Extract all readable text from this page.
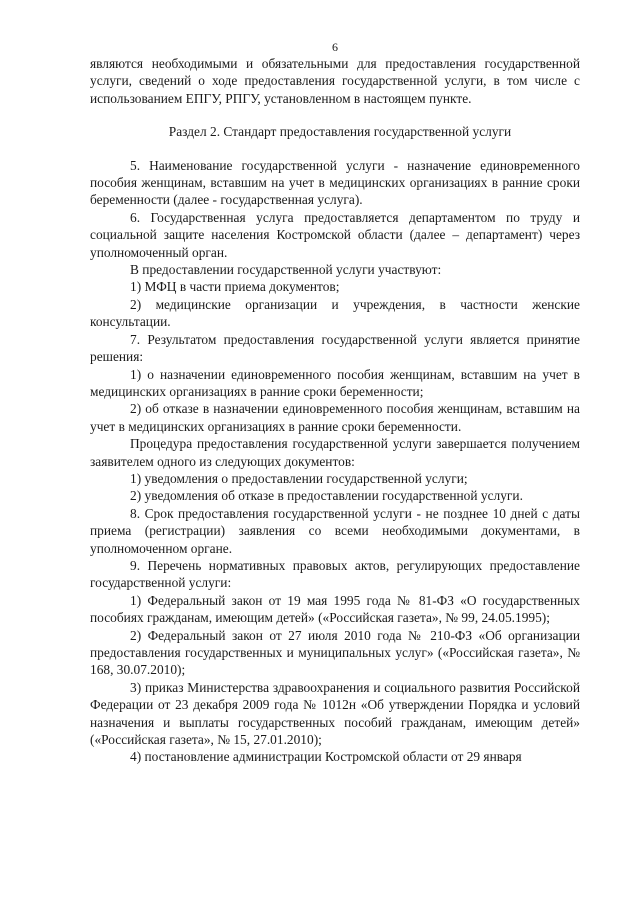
6

являются необходимыми и обязательными для предоставления государственной услуги, сведений о ходе предоставления государственной услуги, в том числе с использованием ЕПГУ, РПГУ, установленном в настоящем пункте.

Раздел 2. Стандарт предоставления государственной услуги

5. Наименование государственной услуги - назначение единовременного пособия женщинам, вставшим на учет в медицинских организациях в ранние сроки беременности (далее - государственная услуга).

6. Государственная услуга предоставляется департаментом по труду и социальной защите населения Костромской области (далее – департамент) через уполномоченный орган.

В предоставлении государственной услуги участвуют:

1) МФЦ в части приема документов;

2) медицинские организации и учреждения, в частности женские консультации.

7. Результатом предоставления государственной услуги является принятие решения:

1) о назначении единовременного пособия женщинам, вставшим на учет в медицинских организациях в ранние сроки беременности;

2) об отказе в назначении единовременного пособия женщинам, вставшим на учет в медицинских организациях в ранние сроки беременности.

Процедура предоставления государственной услуги завершается получением заявителем одного из следующих документов:

1) уведомления о предоставлении государственной услуги;

2) уведомления об отказе в предоставлении государственной услуги.

8. Срок предоставления государственной услуги - не позднее 10 дней с даты приема (регистрации) заявления со всеми необходимыми документами, в уполномоченном органе.

9. Перечень нормативных правовых актов, регулирующих предоставление государственной услуги:

1) Федеральный закон от 19 мая 1995 года № 81-ФЗ «О государственных пособиях гражданам, имеющим детей» («Российская газета», № 99, 24.05.1995);

2) Федеральный закон от 27 июля 2010 года № 210-ФЗ «Об организации предоставления государственных и муниципальных услуг» («Российская газета», № 168, 30.07.2010);

3) приказ Министерства здравоохранения и социального развития Российской Федерации от 23 декабря 2009 года № 1012н «Об утверждении Порядка и условий назначения и выплаты государственных пособий гражданам, имеющим детей» («Российская газета», № 15, 27.01.2010);

4) постановление администрации Костромской области от 29 января
